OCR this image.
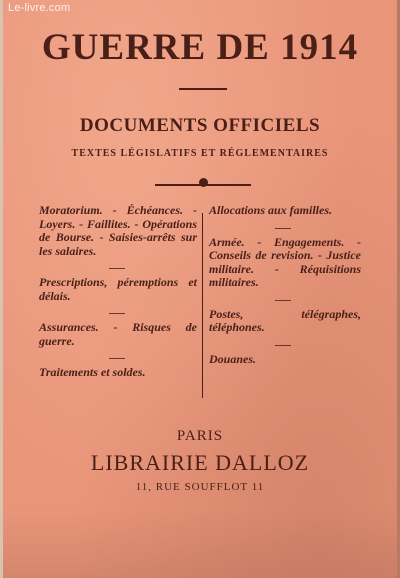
Le-livre.com
GUERRE DE 1914
DOCUMENTS OFFICIELS
TEXTES LÉGISLATIFS ET RÉGLEMENTAIRES
Moratorium. - Échéances. - Loyers. - Faillites. - Opérations de Bourse. - Saisies-arrêts sur les salaires.
Prescriptions, péremptions et délais.
Assurances. - Risques de guerre.
Traitements et soldes.
Allocations aux familles.
Armée. - Engagements. - Conseils de revision. - Justice militaire. - Réquisitions militaires.
Postes, télégraphes, téléphones.
Douanes.
PARIS
LIBRAIRIE DALLOZ
11, RUE SOUFFLOT 11
